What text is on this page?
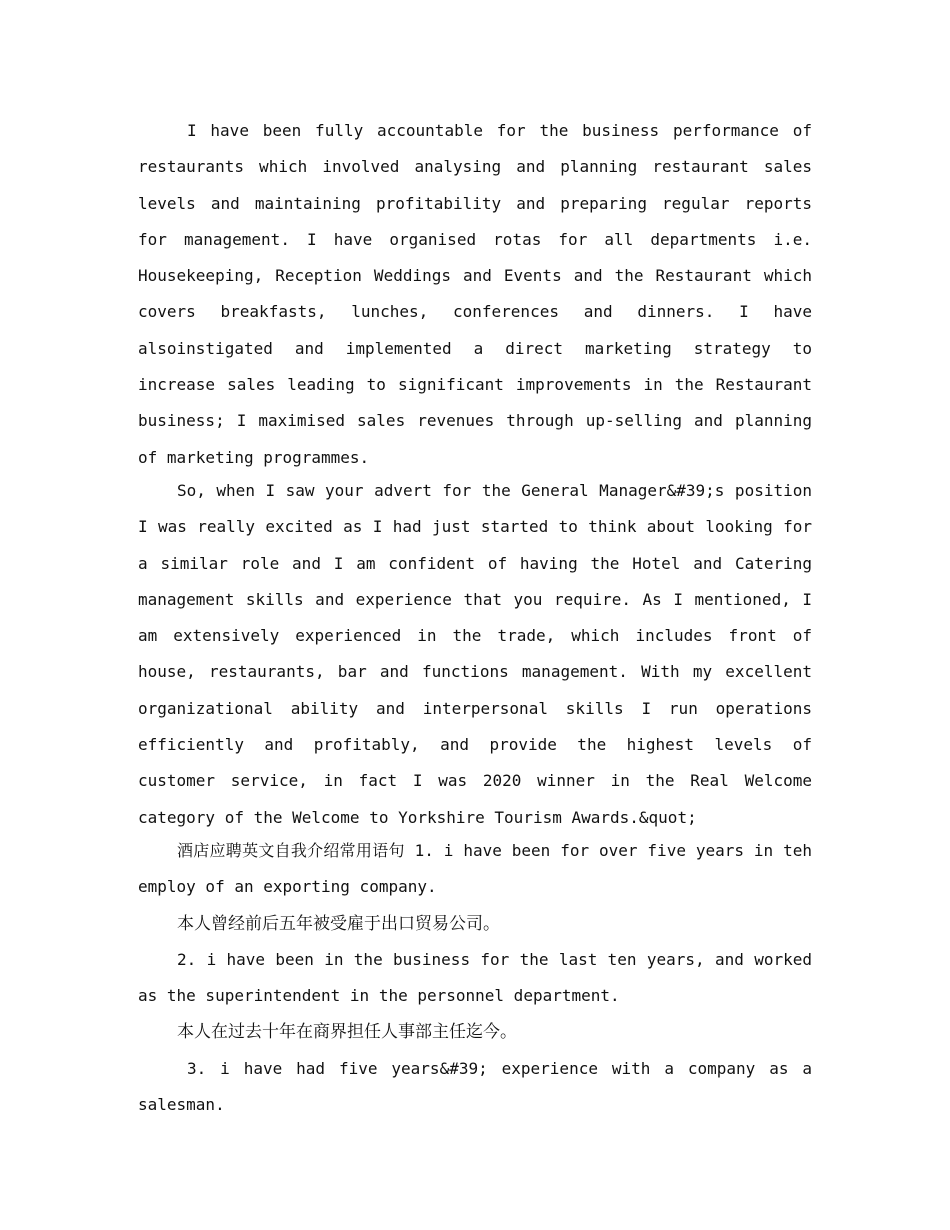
I have been fully accountable for the business performance of restaurants which involved analysing and planning restaurant sales levels and maintaining profitability and preparing regular reports for management. I have organised rotas for all departments i.e. Housekeeping, Reception Weddings and Events and the Restaurant which covers breakfasts, lunches, conferences and dinners. I have alsoinstigated and implemented a direct marketing strategy to increase sales leading to significant improvements in the Restaurant business; I maximised sales revenues through up-selling and planning of marketing programmes.

So, when I saw your advert for the General Manager&#39;s position I was really excited as I had just started to think about looking for a similar role and I am confident of having the Hotel and Catering management skills and experience that you require. As I mentioned, I am extensively experienced in the trade, which includes front of house, restaurants, bar and functions management. With my excellent organizational ability and interpersonal skills I run operations efficiently and profitably, and provide the highest levels of customer service, in fact I was 2020 winner in the Real Welcome category of the Welcome to Yorkshire Tourism Awards.&quot;

酒店应聘英文自我介绍常用语句 1. i have been for over five years in teh employ of an exporting company.

本人曾经前后五年被受雇于出口贸易公司。

2. i have been in the business for the last ten years, and worked as the superintendent in the personnel department.

本人在过去十年在商界担任人事部主任迄今。

3. i have had five years&#39; experience with a company as a salesman.
